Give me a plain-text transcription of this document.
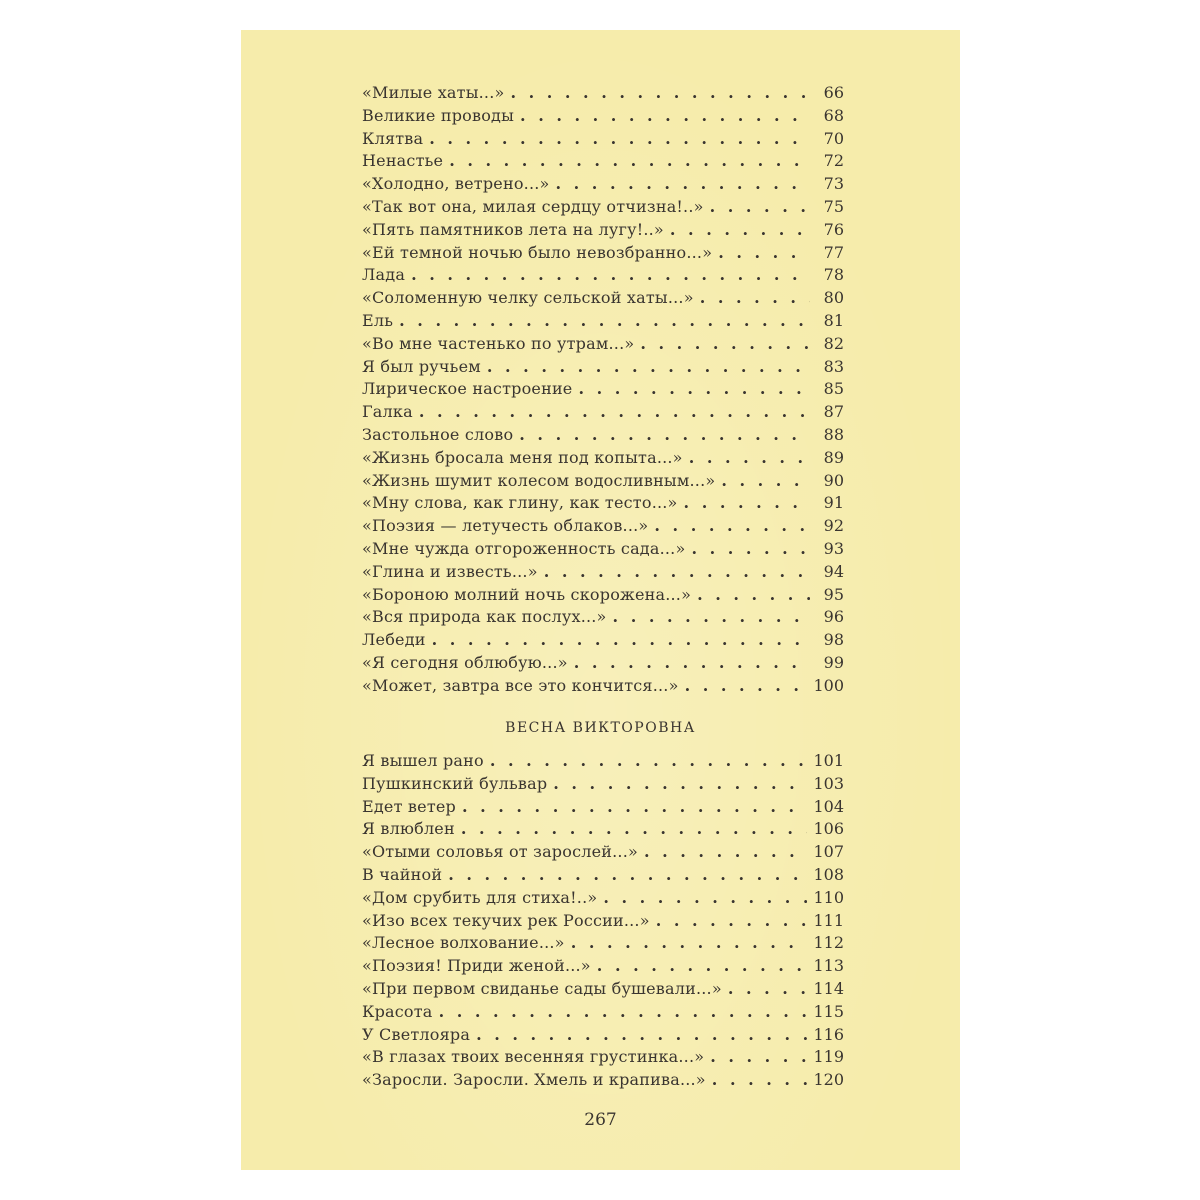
«Милые хаты...» . . .	66
Великие проводы . . .	68
Клятва . . .	70
Ненастье . . .	72
«Холодно, ветрено...» . . .	73
«Так вот она, милая сердцу отчизна!..» . . .	75
«Пять памятников лета на лугу!..» . . .	76
«Ей темной ночью было невозбранно...» . . .	77
Лада . . .	78
«Соломенную челку сельской хаты...» . . .	80
Ель . . .	81
«Во мне частенько по утрам...» . . .	82
Я был ручьем . . .	83
Лирическое настроение . . .	85
Галка . . .	87
Застольное слово . . .	88
«Жизнь бросала меня под копыта...» . . .	89
«Жизнь шумит колесом водосливным...» . . .	90
«Мну слова, как глину, как тесто...» . . .	91
«Поэзия — летучесть облаков...» . . .	92
«Мне чужда отгороженность сада...» . . .	93
«Глина и известь...» . . .	94
«Бороною молний ночь скорожена...» . . .	95
«Вся природа как послух...» . . .	96
Лебеди . . .	98
«Я сегодня облюбую...» . . .	99
«Может, завтра все это кончится...» . . .	100
ВЕСНА ВИКТОРОВНА
Я вышел рано . . .	101
Пушкинский бульвар . . .	103
Едет ветер . . .	104
Я влюблен . . .	106
«Отыми соловья от зарослей...» . . .	107
В чайной . . .	108
«Дом срубить для стиха!..» . . .	110
«Изо всех текучих рек России...» . . .	111
«Лесное волхование...» . . .	112
«Поэзия! Приди женой...» . . .	113
«При первом свиданье сады бушевали...» . . .	114
Красота . . .	115
У Светлояра . . .	116
«В глазах твоих весенняя грустинка...» . . .	119
«Заросли. Заросли. Хмель и крапива...» . . .	120
267
